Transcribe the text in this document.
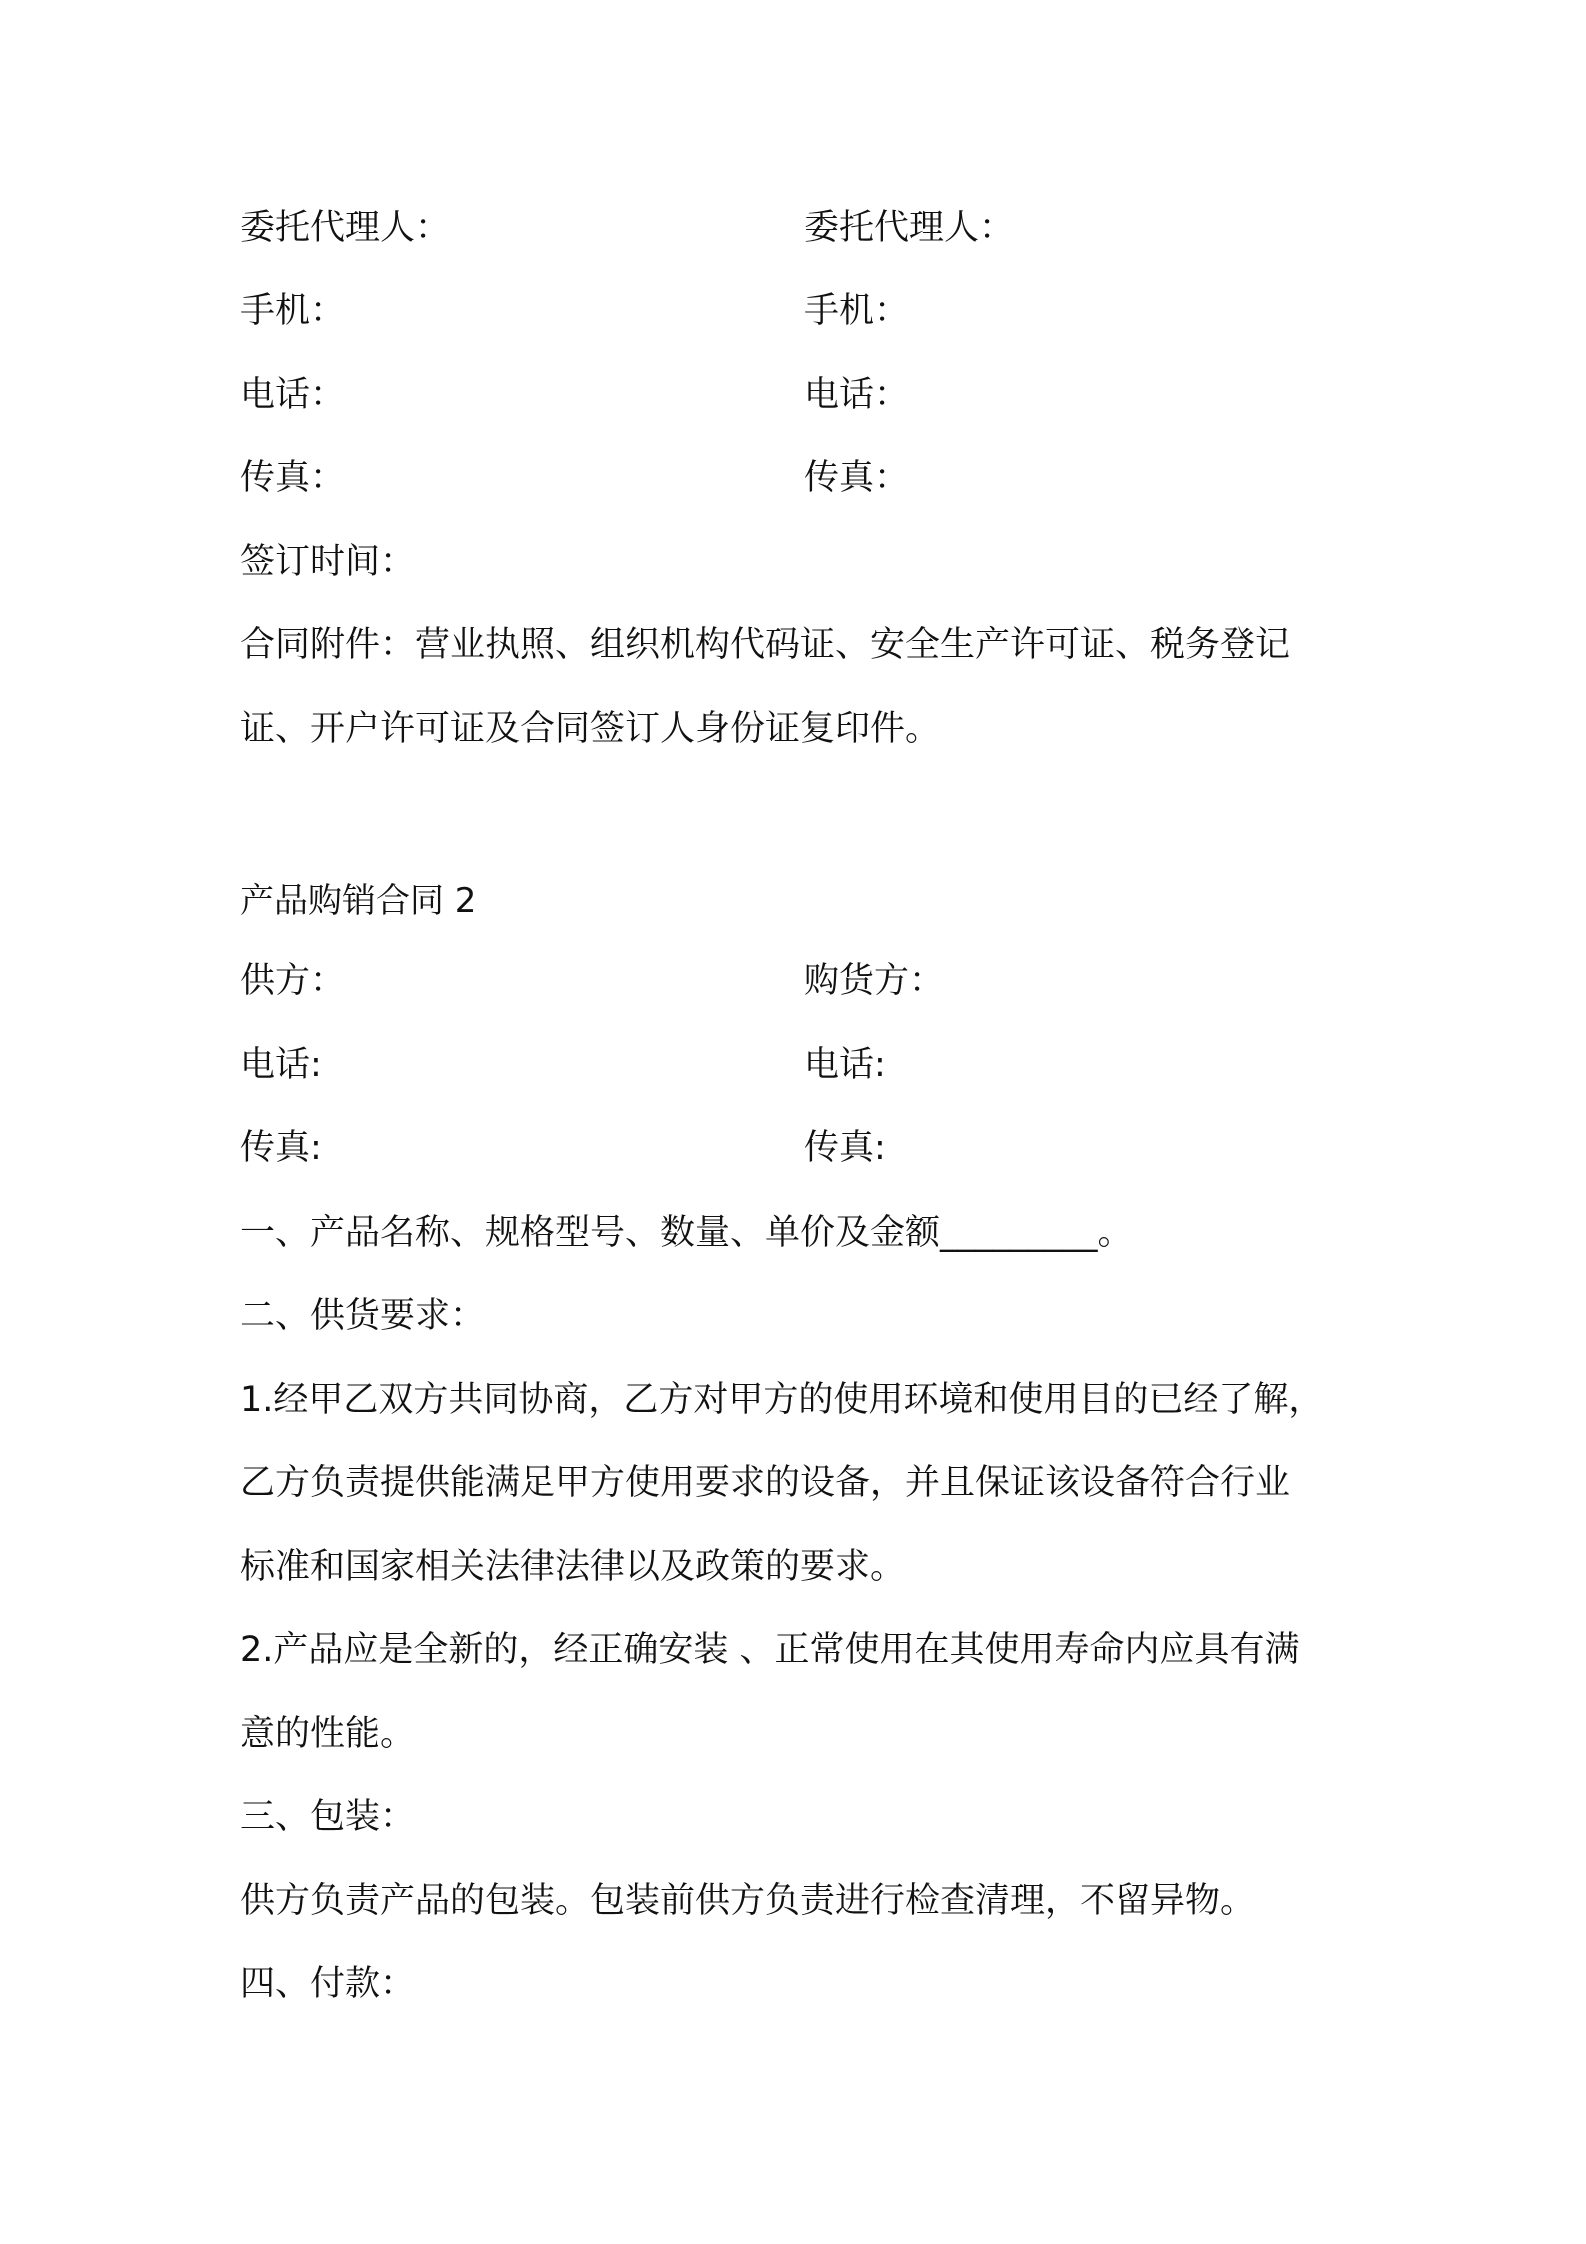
委托代理人：	委托代理人：
手机：	手机：
电话：	电话：
传真：	传真：
签订时间：
合同附件：营业执照、组织机构代码证、安全生产许可证、税务登记
证、开户许可证及合同签订人身份证复印件。
产品购销合同 2
供方：	购货方：
电话:	电话:
传真:	传真:
一、产品名称、规格型号、数量、单价及金额_________。
二、供货要求：
1.经甲乙双方共同协商，乙方对甲方的使用环境和使用目的已经了解，
乙方负责提供能满足甲方使用要求的设备，并且保证该设备符合行业
标准和国家相关法律法律以及政策的要求。
2.产品应是全新的，经正确安装 、正常使用在其使用寿命内应具有满
意的性能。
三、包装：
供方负责产品的包装。包装前供方负责进行检查清理，不留异物。
四、付款：
